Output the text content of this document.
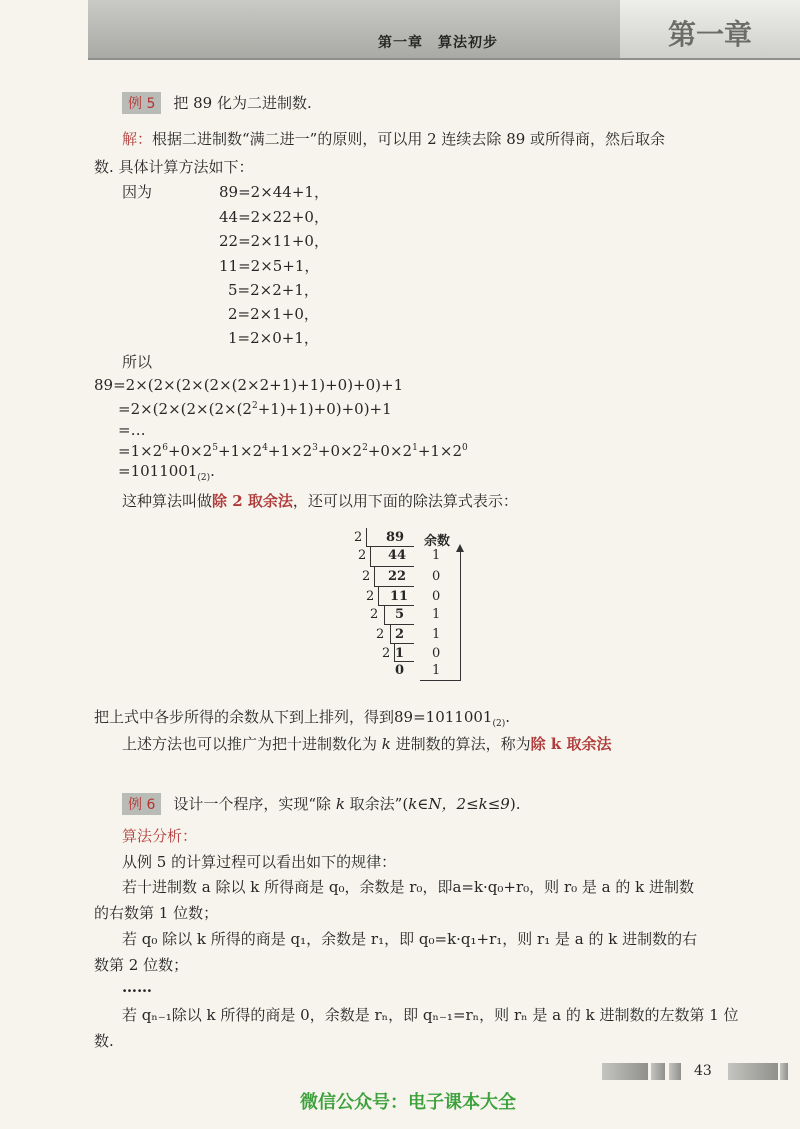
第一章　算法初步	第一章
例 5 把 89 化为二进制数.
解：根据二进制数“满二进一”的原则，可以用 2 连续去除 89 或所得商，然后取余
数. 具体计算方法如下：
因为	89=2×44+1，
44=2×22+0，
22=2×11+0，
11=2×5+1，
5=2×2+1，
2=2×1+0，
1=2×0+1，
所以
89=2×(2×(2×(2×(2×2+1)+1)+0)+0)+1
$=2\times(2\times(2\times(2\times(2^2+1)+1)+0)+0)+1$
=…
$=1\times 2^6+0\times 2^5+1\times 2^4+1\times 2^3+0\times 2^2+0\times 2^1+1\times 2^0$
$=1011001_{(2)}$.
这种算法叫做除 2 取余法，还可以用下面的除法算式表示：
余数
2
2
2
2
2
2
2
89
44
22
11
5
2
1
0
1
0
0
1
1
0
1
把上式中各步所得的余数从下到上排列，得到$89=1011001_{(2)}$.
上述方法也可以推广为把十进制数化为 k 进制数的算法，称为除 k 取余法
例 6 设计一个程序，实现“除 k 取余法”(k∈N，2≤k≤9).
算法分析：
从例 5 的计算过程可以看出如下的规律：
若十进制数 a 除以 k 所得商是 q₀，余数是 r₀，即a=k·q₀+r₀，则 r₀ 是 a 的 k 进制数
的右数第 1 位数；
若 q₀ 除以 k 所得的商是 q₁，余数是 r₁，即 q₀=k·q₁+r₁，则 r₁ 是 a 的 k 进制数的右
数第 2 位数；
……
若 qₙ₋₁除以 k 所得的商是 0，余数是 rₙ，即 qₙ₋₁=rₙ，则 rₙ 是 a 的 k 进制数的左数第 1 位
数.
43
微信公众号：电子课本大全
